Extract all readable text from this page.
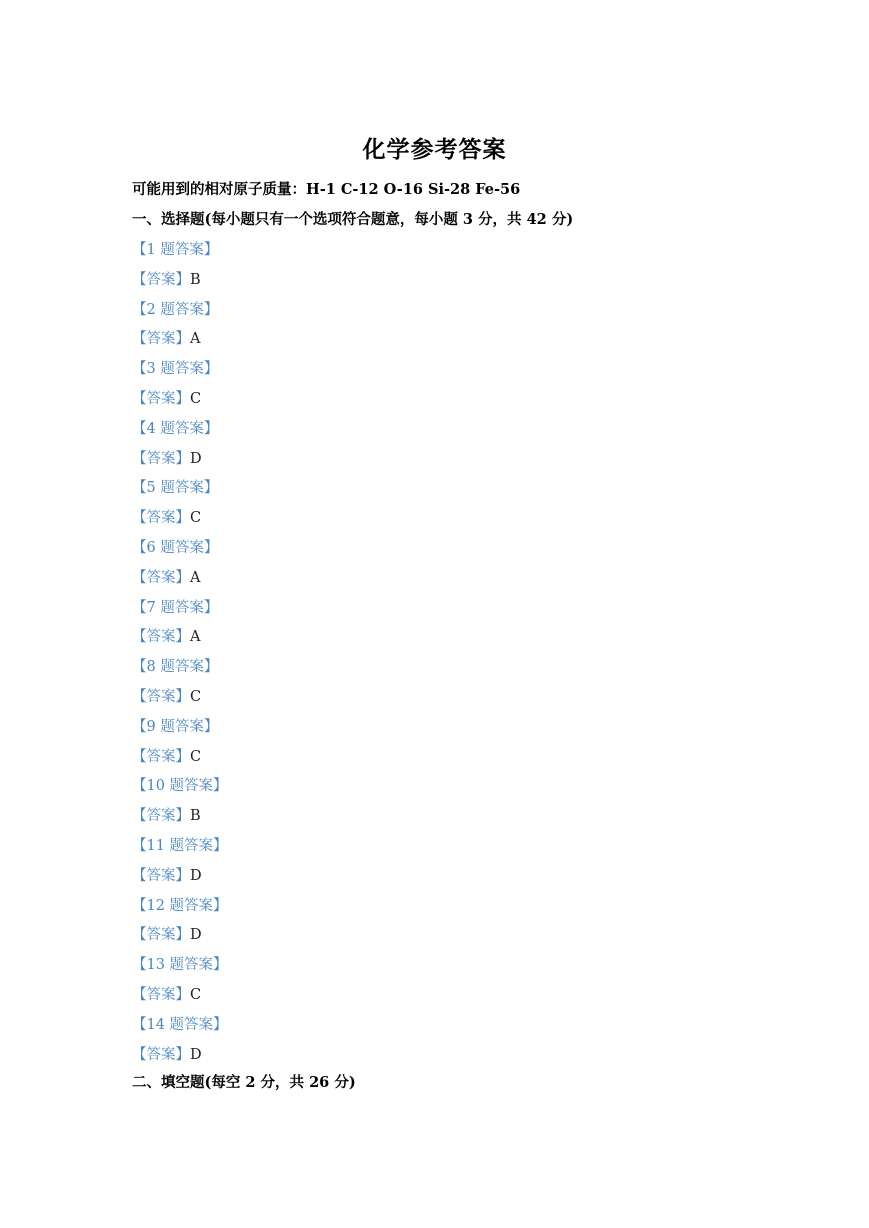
化学参考答案
可能用到的相对原子质量：H-1 C-12 O-16 Si-28 Fe-56
一、选择题(每小题只有一个选项符合题意，每小题 3 分，共 42 分)
【1 题答案】
【答案】B
【2 题答案】
【答案】A
【3 题答案】
【答案】C
【4 题答案】
【答案】D
【5 题答案】
【答案】C
【6 题答案】
【答案】A
【7 题答案】
【答案】A
【8 题答案】
【答案】C
【9 题答案】
【答案】C
【10 题答案】
【答案】B
【11 题答案】
【答案】D
【12 题答案】
【答案】D
【13 题答案】
【答案】C
【14 题答案】
【答案】D
二、填空题(每空 2 分，共 26 分)
